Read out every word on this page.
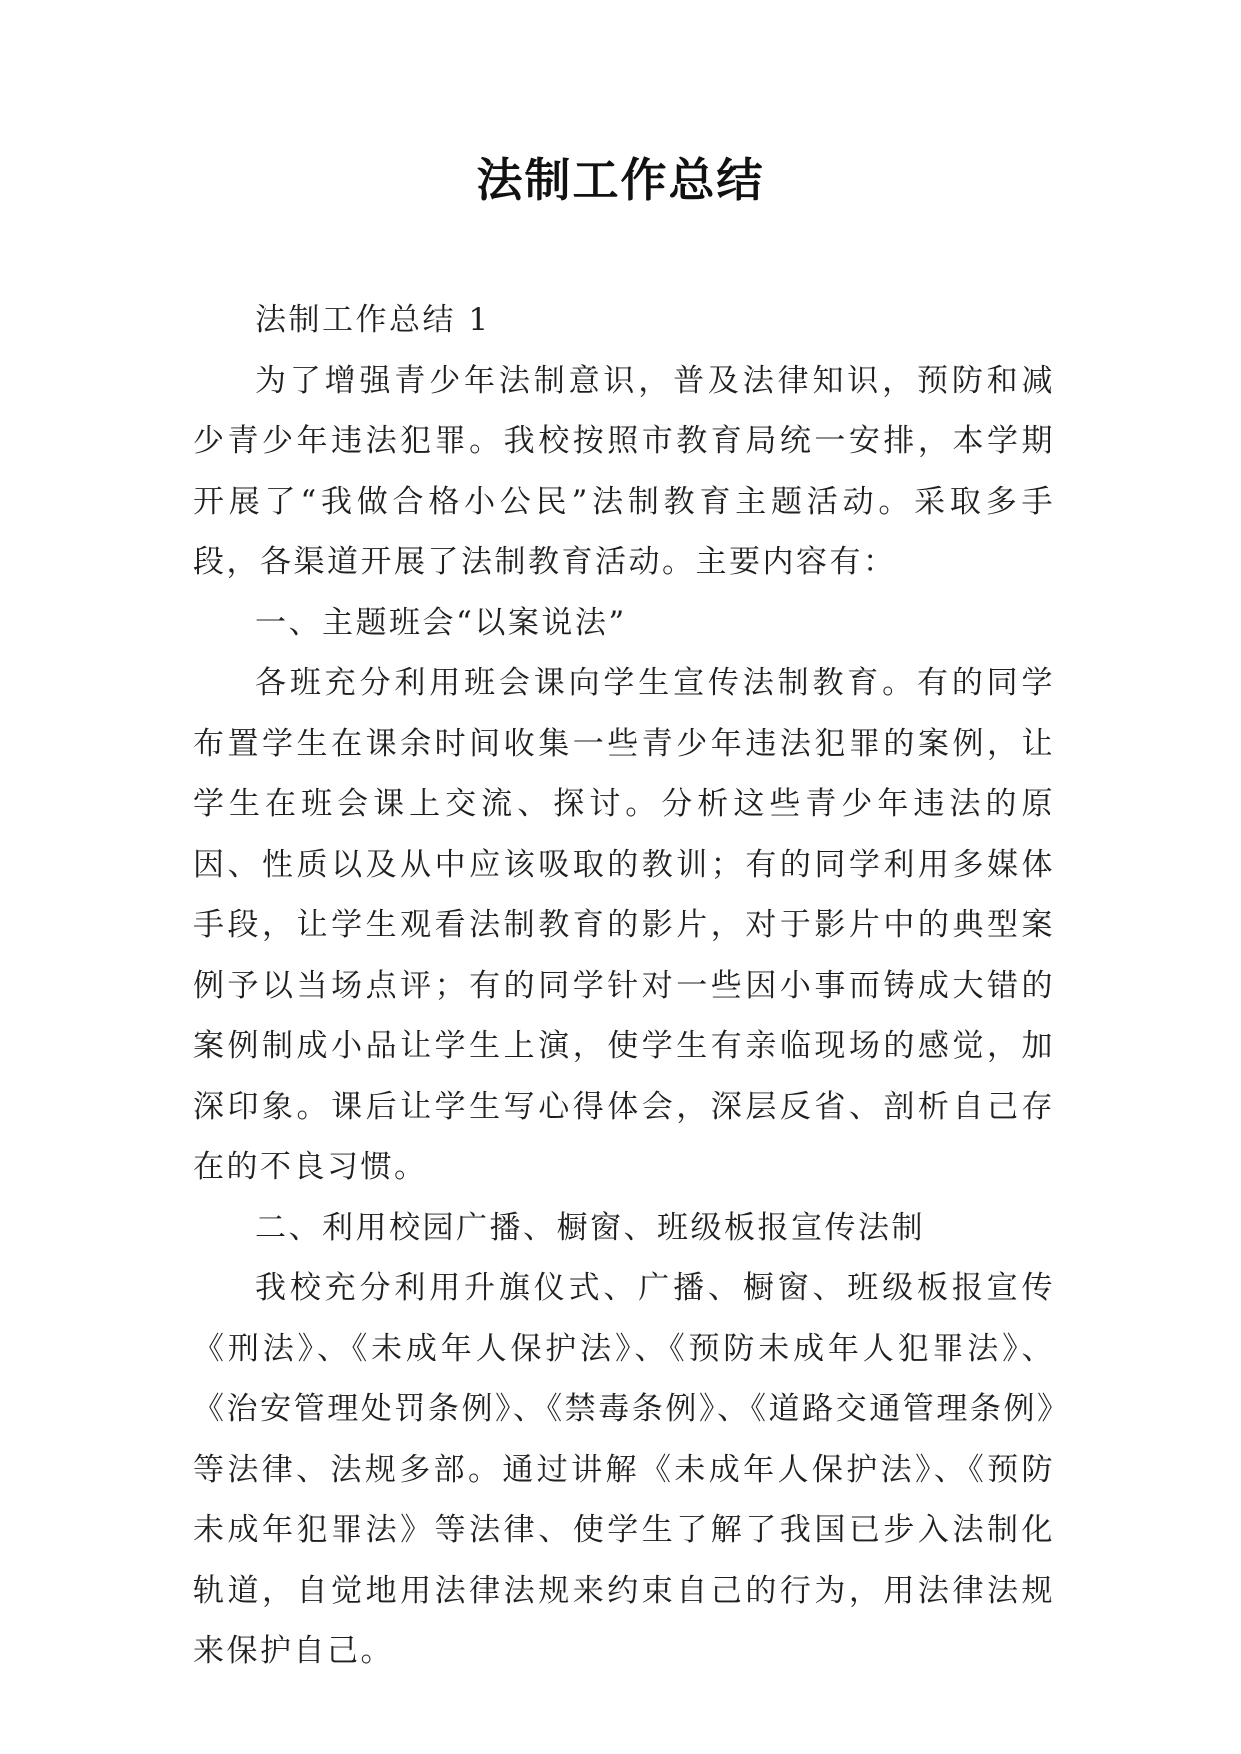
法制工作总结

法制工作总结 1

为了增强青少年法制意识，普及法律知识，预防和减少青少年违法犯罪。我校按照市教育局统一安排，本学期开展了“我做合格小公民”法制教育主题活动。采取多手段，各渠道开展了法制教育活动。主要内容有：

一、主题班会“以案说法”

各班充分利用班会课向学生宣传法制教育。有的同学布置学生在课余时间收集一些青少年违法犯罪的案例，让学生在班会课上交流、探讨。分析这些青少年违法的原因、性质以及从中应该吸取的教训；有的同学利用多媒体手段，让学生观看法制教育的影片，对于影片中的典型案例予以当场点评；有的同学针对一些因小事而铸成大错的案例制成小品让学生上演，使学生有亲临现场的感觉，加深印象。课后让学生写心得体会，深层反省、剖析自己存在的不良习惯。

二、利用校园广播、橱窗、班级板报宣传法制

我校充分利用升旗仪式、广播、橱窗、班级板报宣传《刑法》、《未成年人保护法》、《预防未成年人犯罪法》、《治安管理处罚条例》、《禁毒条例》、《道路交通管理条例》等法律、法规多部。通过讲解《未成年人保护法》、《预防未成年犯罪法》等法律、使学生了解了我国已步入法制化轨道，自觉地用法律法规来约束自己的行为，用法律法规来保护自己。
